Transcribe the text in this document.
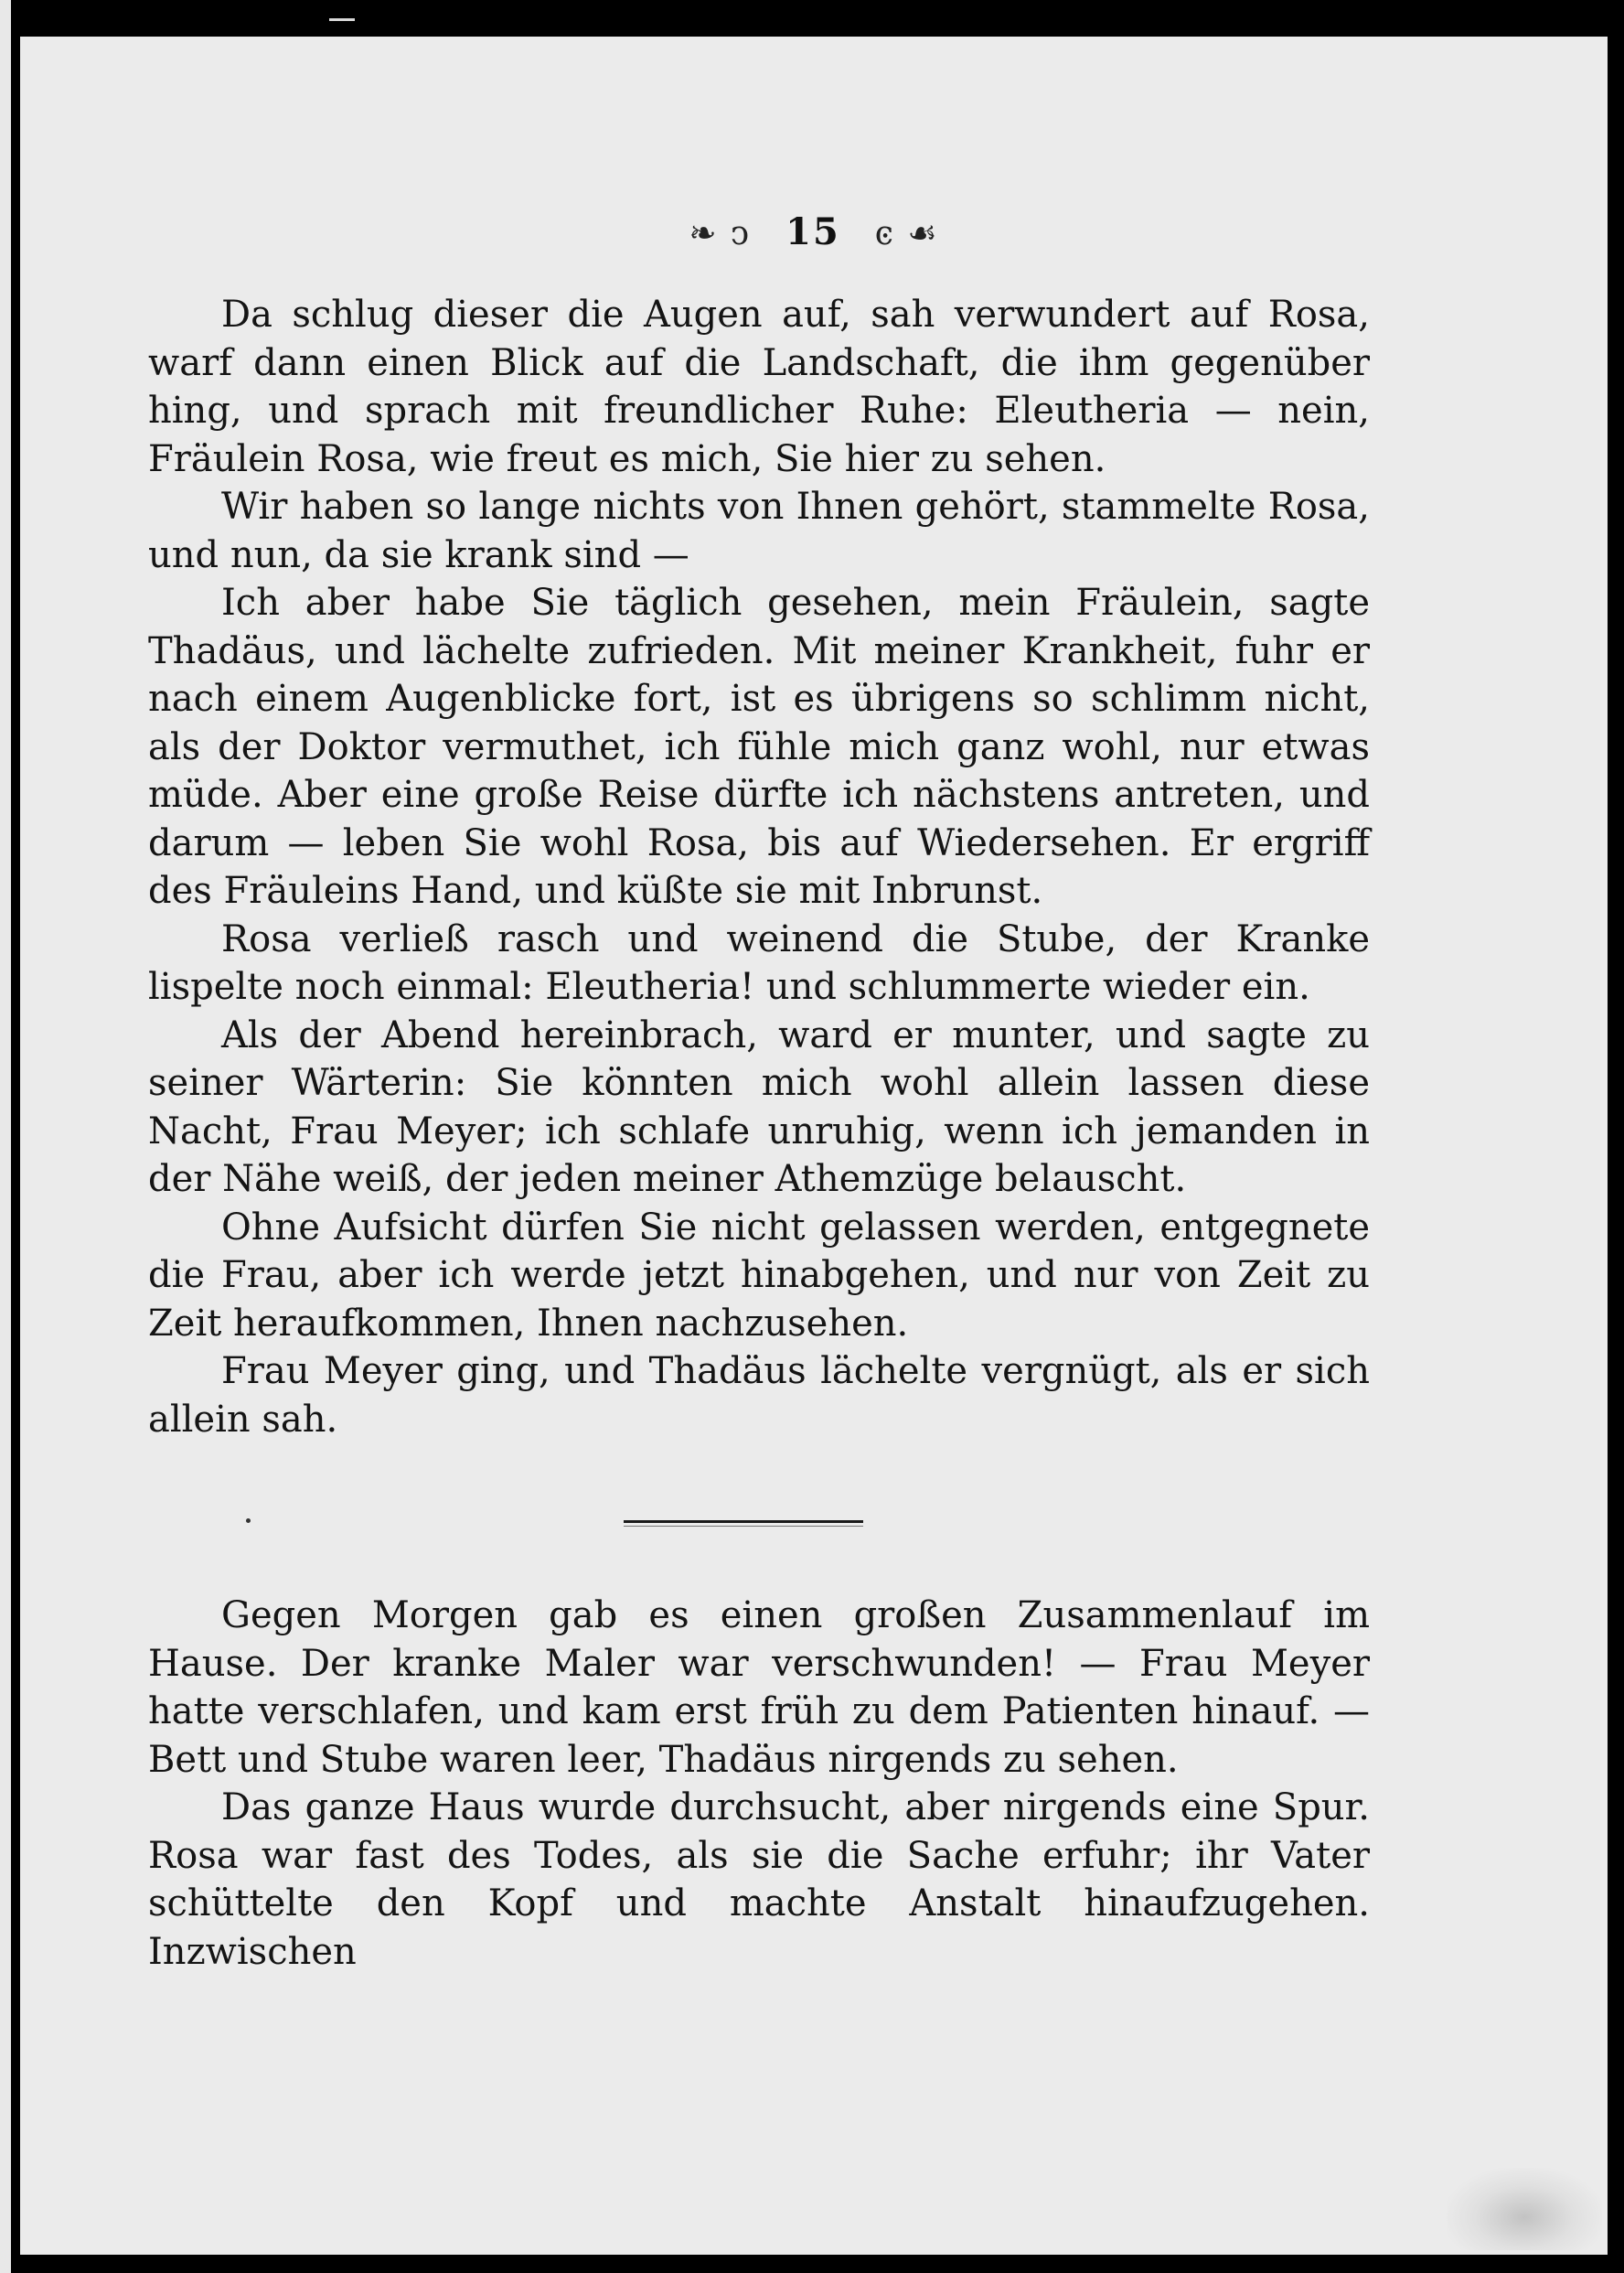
❧ ͻ 15 ͼ ☙

Da schlug dieser die Augen auf, sah verwundert auf Rosa, warf dann einen Blick auf die Landschaft, die ihm gegenüber hing, und sprach mit freundlicher Ruhe: Eleutheria — nein, Fräulein Rosa, wie freut es mich, Sie hier zu sehen.

Wir haben so lange nichts von Ihnen gehört, stammelte Rosa, und nun, da sie krank sind —

Ich aber habe Sie täglich gesehen, mein Fräulein, sagte Thadäus, und lächelte zufrieden. Mit meiner Krankheit, fuhr er nach einem Augenblicke fort, ist es übrigens so schlimm nicht, als der Doktor vermuthet, ich fühle mich ganz wohl, nur etwas müde. Aber eine große Reise dürfte ich nächstens antreten, und darum — leben Sie wohl Rosa, bis auf Wiedersehen. Er ergriff des Fräuleins Hand, und küßte sie mit Inbrunst.

Rosa verließ rasch und weinend die Stube, der Kranke lispelte noch einmal: Eleutheria! und schlummerte wieder ein.

Als der Abend hereinbrach, ward er munter, und sagte zu seiner Wärterin: Sie könnten mich wohl allein lassen diese Nacht, Frau Meyer; ich schlafe unruhig, wenn ich jemanden in der Nähe weiß, der jeden meiner Athemzüge belauscht.

Ohne Aufsicht dürfen Sie nicht gelassen werden, entgegnete die Frau, aber ich werde jetzt hinabgehen, und nur von Zeit zu Zeit heraufkommen, Ihnen nachzusehen.

Frau Meyer ging, und Thadäus lächelte vergnügt, als er sich allein sah.

Gegen Morgen gab es einen großen Zusammenlauf im Hause. Der kranke Maler war verschwunden! — Frau Meyer hatte verschlafen, und kam erst früh zu dem Patienten hinauf. — Bett und Stube waren leer, Thadäus nirgends zu sehen.

Das ganze Haus wurde durchsucht, aber nirgends eine Spur. Rosa war fast des Todes, als sie die Sache erfuhr; ihr Vater schüttelte den Kopf und machte Anstalt hinaufzugehen. Inzwischen
